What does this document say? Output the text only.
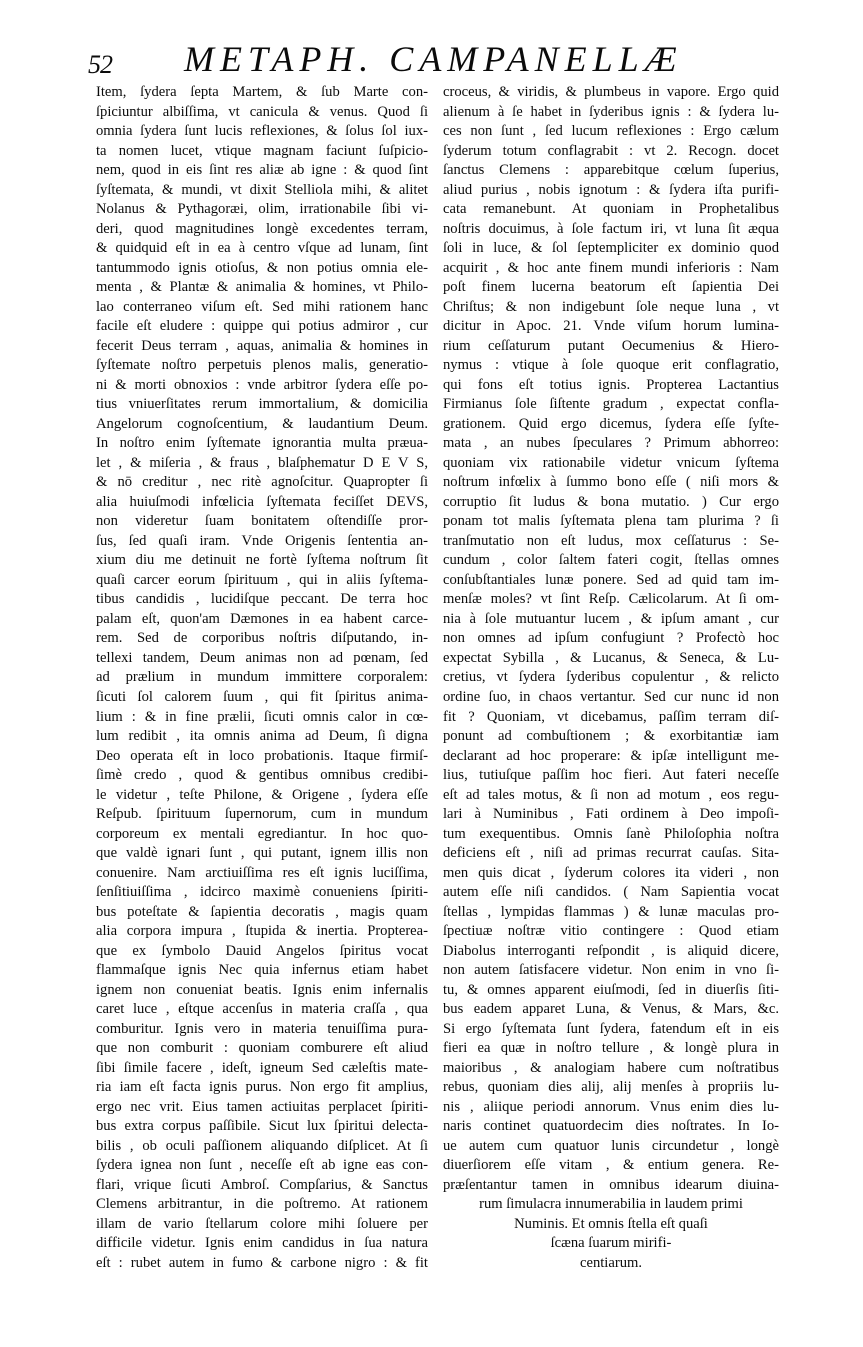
52 METAPH. CAMPANELLÆ
Item, ſydera ſepta Martem, & ſub Marte con-
ſpiciuntur albiſſima, vt canicula & venus. Quod ſi
omnia ſydera ſunt lucis reflexiones, & ſolus ſol iux-
ta nomen lucet, vtique magnam faciunt ſuſpicio-
nem, quod in eis ſint res aliæ ab igne : & quod ſint
ſyſtemata, & mundi, vt dixit Stelliola mihi, & alitet
Nolanus & Pythagoræi, olim, irrationabile ſibi vi-
deri, quod magnitudines longè excedentes terram,
& quidquid eſt in ea à centro vſque ad lunam, ſint
tantummodo ignis otioſus, & non potius omnia ele-
menta , & Plantæ & animalia & homines, vt Philo-
lao conterraneo viſum eſt. Sed mihi rationem hanc
facile eſt eludere : quippe qui potius admiror , cur
fecerit Deus terram , aquas, animalia & homines in
ſyſtemate noſtro perpetuis plenos malis, generatio-
ni & morti obnoxios : vnde arbitror ſydera eſſe po-
tius vniuerſitates rerum immortalium, & domicilia
Angelorum cognoſcentium, & laudantium Deum.
In noſtro enim ſyſtemate ignorantia multa præua-
let , & miſeria , & fraus , blaſphematur D E V S,
& nō creditur , nec ritè agnoſcitur. Quapropter ſi
alia huiuſmodi infœlicia ſyſtemata feciſſet DEVS,
non videretur ſuam bonitatem oſtendiſſe pror-
ſus, ſed quaſi iram. Vnde Origenis ſententia an-
xium diu me detinuit ne fortè ſyſtema noſtrum ſit
quaſi carcer eorum ſpirituum , qui in aliis ſyſtema-
tibus candidis , lucidiſque peccant. De terra hoc
palam eſt, quon'am Dæmones in ea habent carce-
rem. Sed de corporibus noſtris diſputando, in-
tellexi tandem, Deum animas non ad pœnam, ſed
ad prælium in mundum immittere corporalem:
ſicuti ſol calorem ſuum , qui fit ſpiritus anima-
lium : & in fine prælii, ſicuti omnis calor in cœ-
lum redibit , ita omnis anima ad Deum, ſi digna
Deo operata eſt in loco probationis. Itaque firmiſ-
ſimè credo , quod & gentibus omnibus credibi-
le videtur , teſte Philone, & Origene , ſydera eſſe
Reſpub. ſpirituum ſupernorum, cum in mundum
corporeum ex mentali egrediantur. In hoc quo-
que valdè ignari ſunt , qui putant, ignem illis non
conuenire. Nam arctiuiſſima res eſt ignis luciſſima,
ſenſitiuiſſima , idcirco maximè conueniens ſpiriti-
bus poteſtate & ſapientia decoratis , magis quam
alia corpora impura , ſtupida & inertia. Propterea-
que ex ſymbolo Dauid Angelos ſpiritus vocat
flammaſque ignis Nec quia infernus etiam habet
ignem non conueniat beatis. Ignis enim infernalis
caret luce , eſtque accenſus in materia craſſa , qua
comburitur. Ignis vero in materia tenuiſſima pura-
que non comburit : quoniam comburere eſt aliud
ſibi ſimile facere , ideſt, igneum Sed cæleſtis mate-
ria iam eſt facta ignis purus. Non ergo fit amplius,
ergo nec vrit. Eius tamen actiuitas perplacet ſpiriti-
bus extra corpus paſſibile. Sicut lux ſpiritui delecta-
bilis , ob oculi paſſionem aliquando diſplicet. At ſi
ſydera ignea non ſunt , neceſſe eſt ab igne eas con-
flari, vrique ſicuti Ambroſ. Compſarius, & Sanctus
Clemens arbitrantur, in die poſtremo. At rationem
illam de vario ſtellarum colore mihi ſoluere per
difficile videtur. Ignis enim candidus in ſua natura
eſt : rubet autem in fumo & carbone nigro : & fit
croceus, & viridis, & plumbeus in vapore. Ergo quid
alienum à ſe habet in ſyderibus ignis : & ſydera lu-
ces non ſunt , ſed lucum reflexiones : Ergo cælum
ſyderum totum conflagrabit : vt 2. Recogn. docet
ſanctus Clemens : apparebitque cœlum ſuperius,
aliud purius , nobis ignotum : & ſydera iſta purifi-
cata remanebunt. At quoniam in Prophetalibus
noſtris docuimus, à ſole factum iri, vt luna ſit æqua
ſoli in luce, & ſol ſeptempliciter ex dominio quod
acquirit , & hoc ante finem mundi inferioris : Nam
poſt finem lucerna beatorum eſt ſapientia Dei
Chriſtus; & non indigebunt ſole neque luna , vt
dicitur in Apoc. 21. Vnde viſum horum lumina-
rium ceſſaturum putant Oecumenius & Hiero-
nymus : vtique à ſole quoque erit conflagratio,
qui fons eſt totius ignis. Propterea Lactantius
Firmianus ſole ſiſtente gradum , expectat confla-
grationem. Quid ergo dicemus, ſydera eſſe ſyſte-
mata , an nubes ſpeculares ? Primum abhorreo:
quoniam vix rationabile videtur vnicum ſyſtema
noſtrum infœlix à ſummo bono eſſe ( niſi mors &
corruptio ſit ludus & bona mutatio. ) Cur ergo
ponam tot malis ſyſtemata plena tam plurima ? ſi
tranſmutatio non eſt ludus, mox ceſſaturus : Se-
cundum , color ſaltem fateri cogit, ſtellas omnes
conſubſtantiales lunæ ponere. Sed ad quid tam im-
menſæ moles? vt ſint Reſp. Cælicolarum. At ſi om-
nia à ſole mutuantur lucem , & ipſum amant , cur
non omnes ad ipſum confugiunt ? Profectò hoc
expectat Sybilla , & Lucanus, & Seneca, & Lu-
cretius, vt ſydera ſyderibus copulentur , & relicto
ordine ſuo, in chaos vertantur. Sed cur nunc id non
fit ? Quoniam, vt dicebamus, paſſim terram diſ-
ponunt ad combuſtionem ; & exorbitantiæ iam
declarant ad hoc properare: & ipſæ intelligunt me-
lius, tutiuſque paſſim hoc fieri. Aut fateri neceſſe
eſt ad tales motus, & ſi non ad motum , eos regu-
lari à Numinibus , Fati ordinem à Deo impoſi-
tum exequentibus. Omnis ſanè Philoſophia noſtra
deficiens eſt , niſi ad primas recurrat cauſas. Sita-
men quis dicat , ſyderum colores ita videri , non
autem eſſe niſi candidos. ( Nam Sapientia vocat
ſtellas , lympidas flammas ) & lunæ maculas pro-
ſpectiuæ noſtræ vitio contingere : Quod etiam
Diabolus interroganti reſpondit , is aliquid dicere,
non autem ſatisfacere videtur. Non enim in vno ſi-
tu, & omnes apparent eiuſmodi, ſed in diuerſis ſiti-
bus eadem apparet Luna, & Venus, & Mars, &c.
Si ergo ſyſtemata ſunt ſydera, fatendum eſt in eis
fieri ea quæ in noſtro tellure , & longè plura in
maioribus , & analogiam habere cum noſtratibus
rebus, quoniam dies alij, alij menſes à propriis lu-
nis , aliique periodi annorum. Vnus enim dies lu-
naris continet quatuordecim dies noſtrates. In Io-
ue autem cum quatuor lunis circundetur , longè
diuerſiorem eſſe vitam , & entium genera. Re-
præſentantur tamen in omnibus idearum diuina-
rum ſimulacra innumerabilia in laudem primi
Numinis. Et omnis ſtella eſt quaſi
ſcæna ſuarum mirifi-
centiarum.
